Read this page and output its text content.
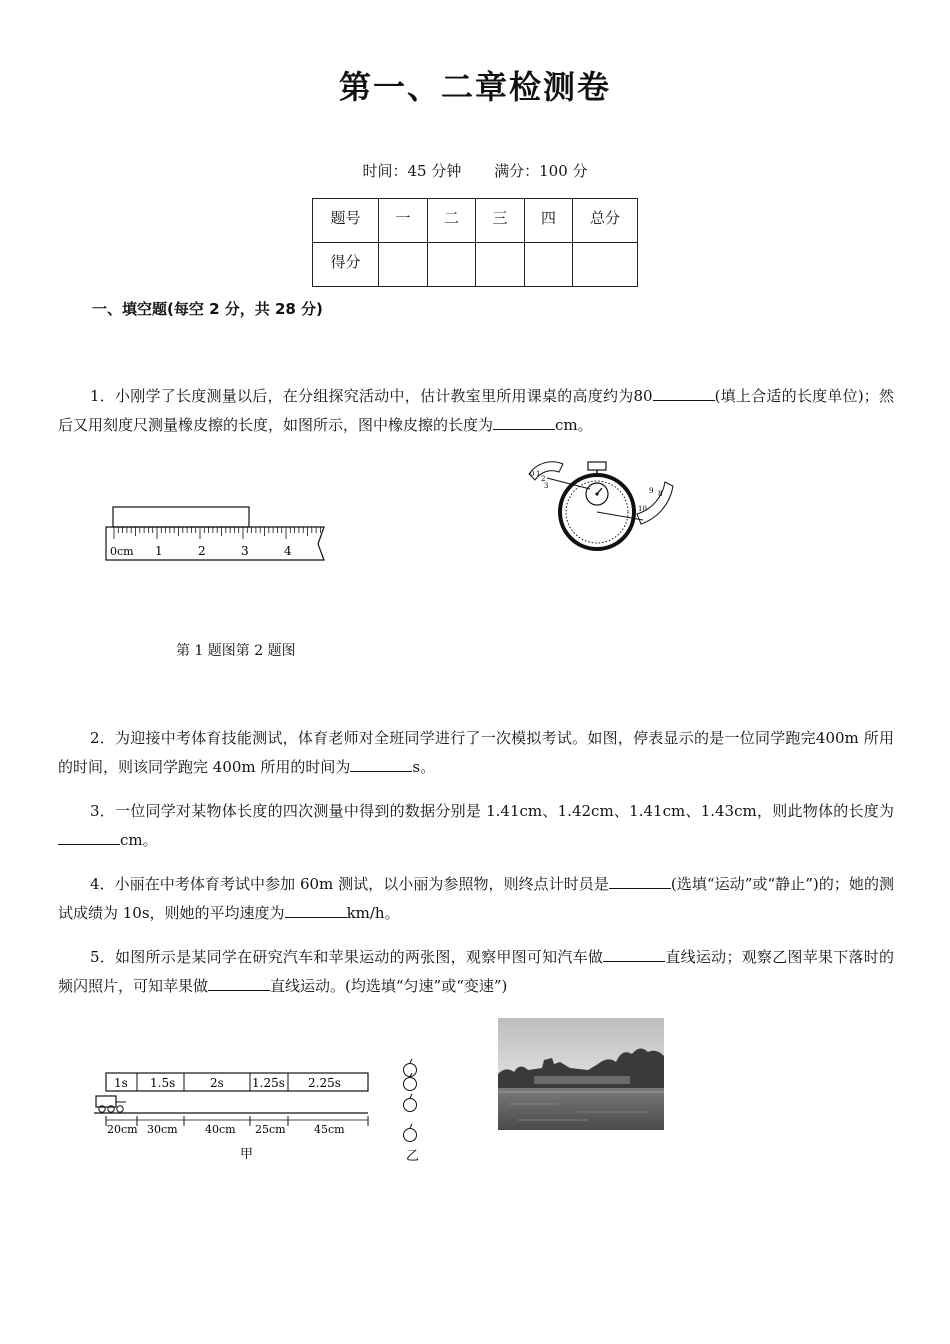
第一、二章检测卷
时间：45 分钟 满分：100 分
题号	一	二	三	四	总分
得分					
一、填空题(每空 2 分，共 28 分)
1．小刚学了长度测量以后，在分组探究活动中，估计教室里所用课桌的高度约为80	(填上合适的长度单位)；然后又用刻度尺测量橡皮擦的长度，如图所示，图中橡皮擦的长度为	cm。
0cm 1	2	3	4
0 1
2
3
8
9
10
第 1 题图第 2 题图
2．为迎接中考体育技能测试，体育老师对全班同学进行了一次模拟考试。如图，停表显示的是一位同学跑完400m 所用的时间，则该同学跑完 400m 所用的时间为	s。
3．一位同学对某物体长度的四次测量中得到的数据分别是 1.41cm、1.42cm、1.41cm、1.43cm，则此物体的长度为cm。
4．小丽在中考体育考试中参加 60m 测试，以小丽为参照物，则终点计时员是	(选填“运动”或“静止”)的；她的测试成绩为 10s，则她的平均速度为	km/h。
5．如图所示是某同学在研究汽车和苹果运动的两张图，观察甲图可知汽车做	直线运动；观察乙图苹果下落时的频闪照片，可知苹果做	直线运动。(均选填“匀速”或“变速”)
1s 1.5s	2s 1.25s 2.25s
20cm 30cm 40cm 25cm	45cm
甲	乙
